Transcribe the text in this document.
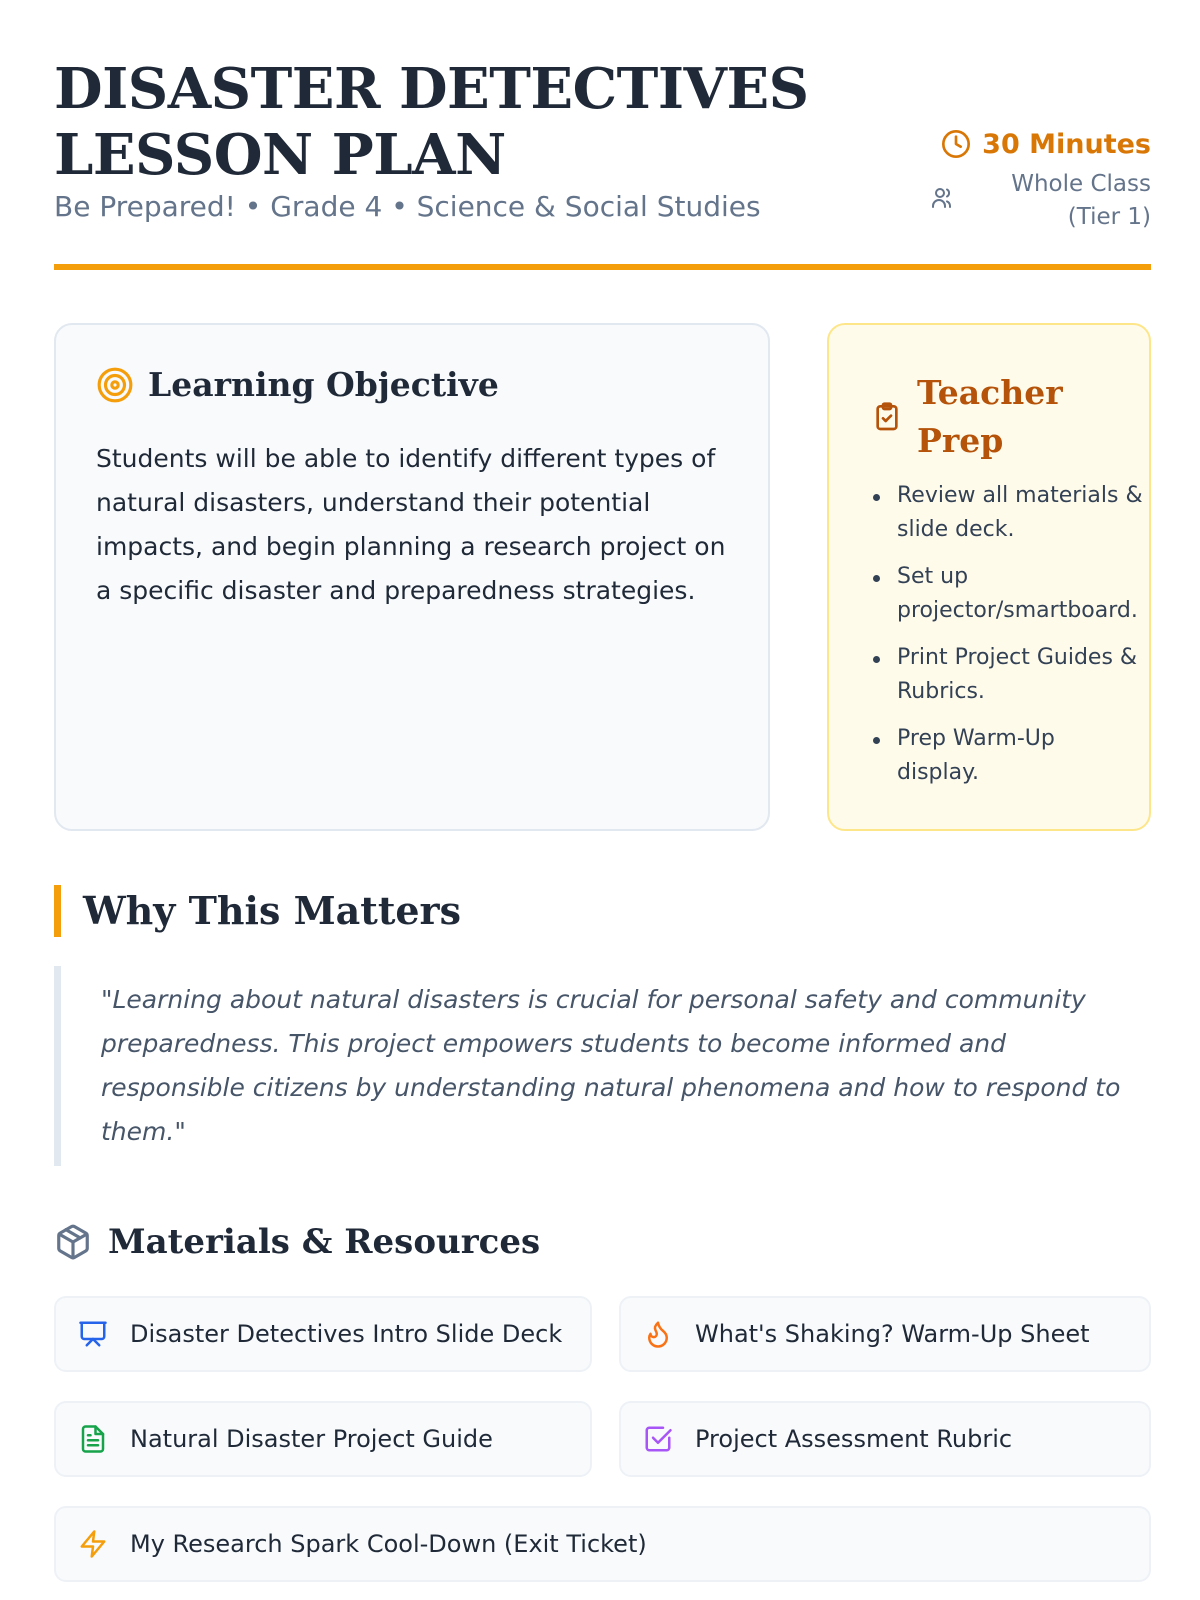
DISASTER DETECTIVES LESSON PLAN
Be Prepared! • Grade 4 • Science & Social Studies
30 Minutes
Whole Class (Tier 1)
Learning Objective

Students will be able to identify different types of natural disasters, understand their potential impacts, and begin planning a research project on a specific disaster and preparedness strategies.

Teacher Prep
Review all materials & slide deck.
Set up projector/smartboard.
Print Project Guides & Rubrics.
Prep Warm-Up display.
Why This Matters
"Learning about natural disasters is crucial for personal safety and community preparedness. This project empowers students to become informed and responsible citizens by understanding natural phenomena and how to respond to them."
Materials & Resources
Disaster Detectives Intro Slide Deck	What's Shaking? Warm-Up Sheet
Natural Disaster Project Guide	Project Assessment Rubric
My Research Spark Cool-Down (Exit Ticket)
